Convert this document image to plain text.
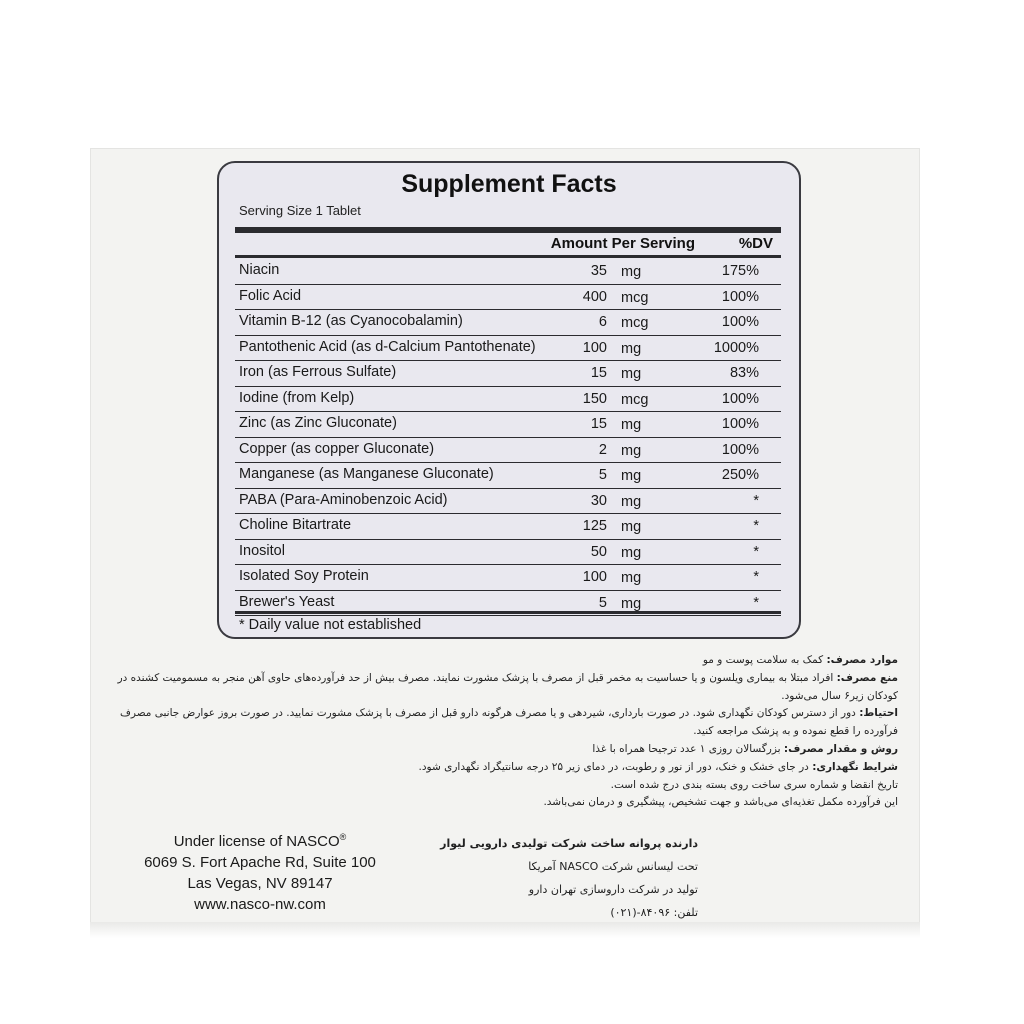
Supplement Facts
Serving Size 1 Tablet
Amount Per Serving	%DV
Niacin	35 mg	175%
Folic Acid	400 mcg	100%
Vitamin B-12 (as Cyanocobalamin)	6 mcg	100%
Pantothenic Acid (as d-Calcium Pantothenate)	100 mg	1000%
Iron (as Ferrous Sulfate)	15 mg	83%
Iodine (from Kelp)	150 mcg	100%
Zinc (as Zinc Gluconate)	15 mg	100%
Copper (as copper Gluconate)	2 mg	100%
Manganese (as Manganese Gluconate)	5 mg	250%
PABA (Para-Aminobenzoic Acid)	30 mg	*
Choline Bitartrate	125 mg	*
Inositol	50 mg	*
Isolated Soy Protein	100 mg	*
Brewer's Yeast	5 mg	*
* Daily value not established
موارد مصرف: کمک به سلامت پوست و مو
منع مصرف: افراد مبتلا به بیماری ویلسون و یا حساسیت به مخمر قبل از مصرف با پزشک مشورت نمایند. مصرف بیش از حد فرآورده‌های حاوی آهن منجر به مسمومیت کشنده در کودکان زیر۶ سال می‌شود.
احتیاط: دور از دسترس کودکان نگهداری شود. در صورت بارداری، شیردهی و یا مصرف هرگونه دارو قبل از مصرف با پزشک مشورت نمایید. در صورت بروز عوارض جانبی مصرف فرآورده را قطع نموده و به پزشک مراجعه کنید.
روش و مقدار مصرف: بزرگسالان روزی ۱ عدد ترجیحا همراه با غذا
شرایط نگهداری: در جای خشک و خنک، دور از نور و رطوبت، در دمای زیر ۲۵ درجه سانتیگراد نگهداری شود.
تاریخ انقضا و شماره سری ساخت روی بسته بندی درج شده است.
این فرآورده مکمل تغذیه‌ای می‌باشد و جهت تشخیص، پیشگیری و درمان نمی‌باشد.
Under license of NASCO®
6069 S. Fort Apache Rd, Suite 100
Las Vegas, NV 89147
www.nasco-nw.com
دارنده پروانه ساخت شرکت تولیدی دارویی لیوار
تحت لیسانس شرکت NASCO آمریکا
تولید در شرکت داروسازی تهران دارو
تلفن: ۸۴۰۹۶-(۰۲۱)
